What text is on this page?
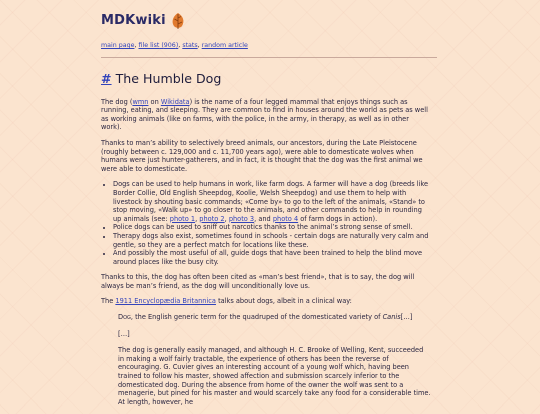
MDKwiki
main page, file list (906), stats, random article
# The Humble Dog

The dog (wmn on Wikidata) is the name of a four legged mammal that enjoys things such as running, eating, and sleeping. They are common to find in houses around the world as pets as well as working animals (like on farms, with the police, in the army, in therapy, as well as in other work).

Thanks to man’s ability to selectively breed animals, our ancestors, during the Late Pleistocene (roughly between c. 129,000 and c. 11,700 years ago), were able to domesticate wolves when humans were just hunter-gatherers, and in fact, it is thought that the dog was the first animal we were able to domesticate.

• Dogs can be used to help humans in work, like farm dogs. A farmer will have a dog (breeds like Border Collie, Old English Sheepdog, Koolie, Welsh Sheepdog) and use them to help with livestock by shouting basic commands; «Come by» to go to the left of the animals, «Stand» to stop moving, «Walk up» to go closer to the animals, and other commands to help in rounding up animals (see: photo 1, photo 2, photo 3, and photo 4 of farm dogs in action).
• Police dogs can be used to sniff out narcotics thanks to the animal’s strong sense of smell.
• Therapy dogs also exist, sometimes found in schools - certain dogs are naturally very calm and gentle, so they are a perfect match for locations like these.
• And possibly the most useful of all, guide dogs that have been trained to help the blind move around places like the busy city.

Thanks to this, the dog has often been cited as «man’s best friend», that is to say, the dog will always be man’s friend, as the dog will unconditionally love us.

The 1911 Encyclopædia Britannica talks about dogs, albeit in a clinical way:

Dog, the English generic term for the quadruped of the domesticated variety of Canis[…]

[…]

The dog is generally easily managed, and although H. C. Brooke of Welling, Kent, succeeded in making a wolf fairly tractable, the experience of others has been the reverse of encouraging. G. Cuvier gives an interesting account of a young wolf which, having been trained to follow his master, showed affection and submission scarcely inferior to the domesticated dog. During the absence from home of the owner the wolf was sent to a menagerie, but pined for his master and would scarcely take any food for a considerable time. At length, however, he
